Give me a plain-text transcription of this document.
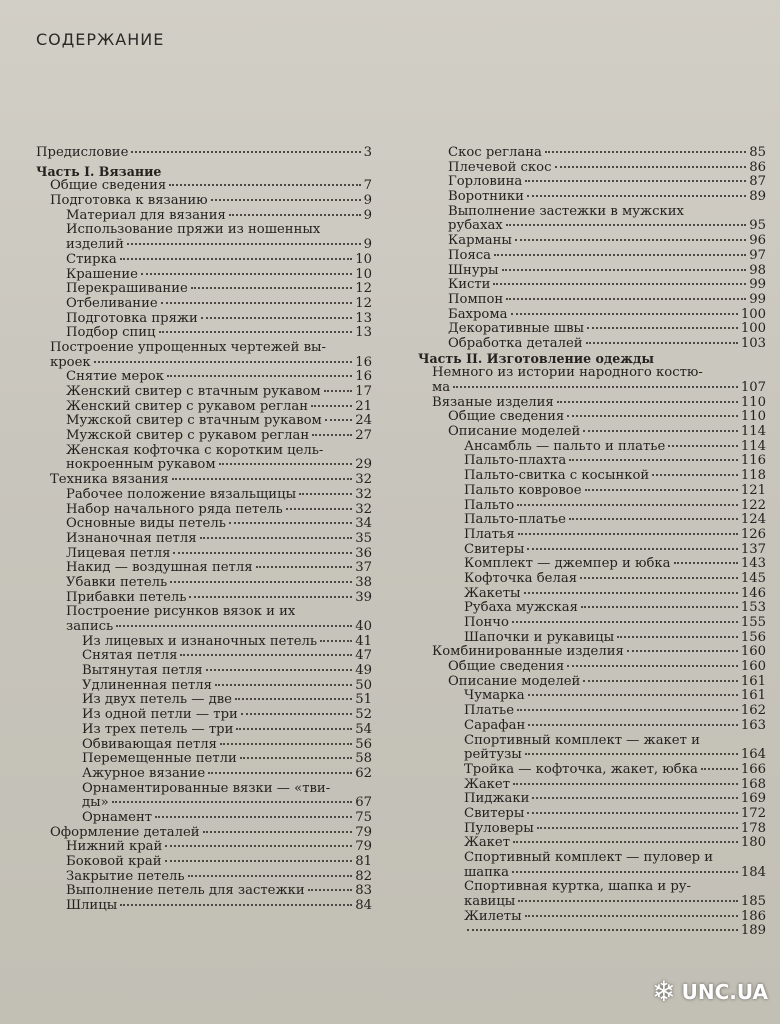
СОДЕРЖАНИЕ
Предисловие	3
Часть I. Вязание
Общие сведения	7
Подготовка к вязанию	9
Материал для вязания	9
Использование пряжи из ношенных
изделий	9
Стирка	10
Крашение	10
Перекрашивание	12
Отбеливание	12
Подготовка пряжи	13
Подбор спиц	13
Построение упрощенных чертежей вы-
кроек	16
Снятие мерок	16
Женский свитер с втачным рукавом	17
Женский свитер с рукавом реглан	21
Мужской свитер с втачным рукавом	24
Мужской свитер с рукавом реглан	27
Женская кофточка с коротким цель-
нокроенным рукавом	29
Техника вязания	32
Рабочее положение вязальщицы	32
Набор начального ряда петель	32
Основные виды петель	34
Изнаночная петля	35
Лицевая петля	36
Накид — воздушная петля	37
Убавки петель	38
Прибавки петель	39
Построение рисунков вязок и их
запись	40
Из лицевых и изнаночных петель	41
Снятая петля	47
Вытянутая петля	49
Удлиненная петля	50
Из двух петель — две	51
Из одной петли — три	52
Из трех петель — три	54
Обвивающая петля	56
Перемещенные петли	58
Ажурное вязание	62
Орнаментированные вязки — «тви-
ды»	67
Орнамент	75
Оформление деталей	79
Нижний край	79
Боковой край	81
Закрытие петель	82
Выполнение петель для застежки	83
Шлицы	84
Скос реглана	85
Плечевой скос	86
Горловина	87
Воротники	89
Выполнение застежки в мужских
рубахах	95
Карманы	96
Пояса	97
Шнуры	98
Кисти	99
Помпон	99
Бахрома	100
Декоративные швы	100
Обработка деталей	103
Часть II. Изготовление одежды
Немного из истории народного костю-
ма	107
Вязаные изделия	110
Общие сведения	110
Описание моделей	114
Ансамбль — пальто и платье	114
Пальто-плахта	116
Пальто-свитка с косынкой	118
Пальто ковровое	121
Пальто	122
Пальто-платье	124
Платья	126
Свитеры	137
Комплект — джемпер и юбка	143
Кофточка белая	145
Жакеты	146
Рубаха мужская	153
Пончо	155
Шапочки и рукавицы	156
Комбинированные изделия	160
Общие сведения	160
Описание моделей	161
Чумарка	161
Платье	162
Сарафан	163
Спортивный комплект — жакет и
рейтузы	164
Тройка — кофточка, жакет, юбка	166
Жакет	168
Пиджаки	169
Свитеры	172
Пуловеры	178
Жакет	180
Спортивный комплект — пуловер и
шапка	184
Спортивная куртка, шапка и ру-
кавицы	185
Жилеты	186
189
❄ UNC.UA
